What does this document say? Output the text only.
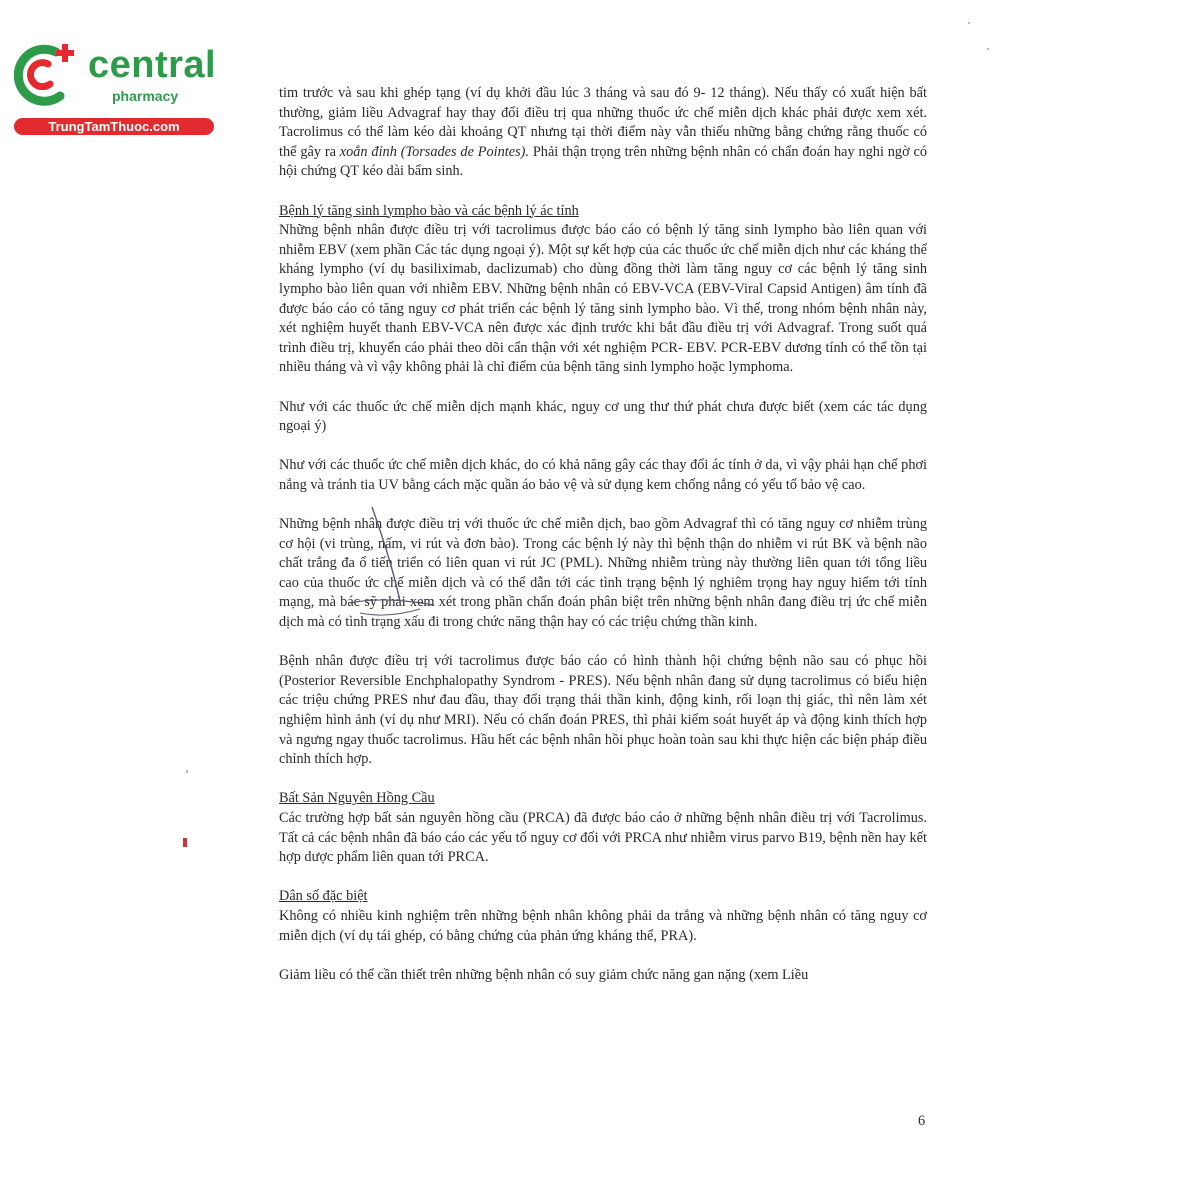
central
pharmacy
TrungTamThuoc.com

tim trước và sau khi ghép tạng (ví dụ khởi đầu lúc 3 tháng và sau đó 9- 12 tháng). Nếu thấy có xuất hiện bất thường, giảm liều Advagraf hay thay đổi điều trị qua những thuốc ức chế miễn dịch khác phải được xem xét. Tacrolimus có thể làm kéo dài khoảng QT nhưng tại thời điểm này vẫn thiếu những bằng chứng rằng thuốc có thể gây ra xoắn đỉnh (Torsades de Pointes). Phải thận trọng trên những bệnh nhân có chẩn đoán hay nghi ngờ có hội chứng QT kéo dài bẩm sinh.

Bệnh lý tăng sinh lympho bào và các bệnh lý ác tính

Những bệnh nhân được điều trị với tacrolimus được báo cáo có bệnh lý tăng sinh lympho bào liên quan với nhiễm EBV (xem phần Các tác dụng ngoại ý). Một sự kết hợp của các thuốc ức chế miễn dịch như các kháng thể kháng lympho (ví dụ basiliximab, daclizumab) cho dùng đồng thời làm tăng nguy cơ các bệnh lý tăng sinh lympho bào liên quan với nhiễm EBV. Những bệnh nhân có EBV-VCA (EBV-Viral Capsid Antigen) âm tính đã được báo cáo có tăng nguy cơ phát triển các bệnh lý tăng sinh lympho bào. Vì thế, trong nhóm bệnh nhân này, xét nghiệm huyết thanh EBV-VCA nên được xác định trước khi bắt đầu điều trị với Advagraf. Trong suốt quá trình điều trị, khuyến cáo phải theo dõi cẩn thận với xét nghiệm PCR- EBV. PCR-EBV dương tính có thể tồn tại nhiều tháng và vì vậy không phải là chỉ điểm của bệnh tăng sinh lympho hoặc lymphoma.

Như với các thuốc ức chế miễn dịch mạnh khác, nguy cơ ung thư thứ phát chưa được biết (xem các tác dụng ngoại ý)

Như với các thuốc ức chế miễn dịch khác, do có khả năng gây các thay đổi ác tính ở da, vì vậy phải hạn chế phơi nắng và tránh tia UV bằng cách mặc quần áo bảo vệ và sử dụng kem chống nắng có yếu tố bảo vệ cao.

Những bệnh nhân được điều trị với thuốc ức chế miễn dịch, bao gồm Advagraf thì có tăng nguy cơ nhiễm trùng cơ hội (vi trùng, nấm, vi rút và đơn bào). Trong các bệnh lý này thì bệnh thận do nhiễm vi rút BK và bệnh não chất trắng đa ổ tiến triển có liên quan vi rút JC (PML). Những nhiễm trùng này thường liên quan tới tổng liều cao của thuốc ức chế miễn dịch và có thể dẫn tới các tình trạng bệnh lý nghiêm trọng hay nguy hiểm tới tính mạng, mà bác sỹ phải xem xét trong phần chẩn đoán phân biệt trên những bệnh nhân đang điều trị ức chế miễn dịch mà có tình trạng xấu đi trong chức năng thận hay có các triệu chứng thần kinh.

Bệnh nhân được điều trị với tacrolimus được báo cáo có hình thành hội chứng bệnh não sau có phục hồi (Posterior Reversible Enchphalopathy Syndrom - PRES). Nếu bệnh nhân đang sử dụng tacrolimus có biểu hiện các triệu chứng PRES như đau đầu, thay đổi trạng thái thần kinh, động kinh, rối loạn thị giác, thì nên làm xét nghiệm hình ảnh (ví dụ như MRI). Nếu có chẩn đoán PRES, thì phải kiểm soát huyết áp và động kinh thích hợp và ngưng ngay thuốc tacrolimus. Hầu hết các bệnh nhân hồi phục hoàn toàn sau khi thực hiện các biện pháp điều chỉnh thích hợp.

Bất Sản Nguyên Hồng Cầu

Các trường hợp bất sản nguyên hồng cầu (PRCA) đã được báo cáo ở những bệnh nhân điều trị với Tacrolimus. Tất cả các bệnh nhân đã báo cáo các yếu tố nguy cơ đối với PRCA như nhiễm virus parvo B19, bệnh nền hay kết hợp dược phẩm liên quan tới PRCA.

Dân số đặc biệt

Không có nhiều kinh nghiệm trên những bệnh nhân không phải da trắng và những bệnh nhân có tăng nguy cơ miễn dịch (ví dụ tái ghép, có bằng chứng của phản ứng kháng thể, PRA).

Giảm liều có thể cần thiết trên những bệnh nhân có suy giảm chức năng gan nặng (xem Liều

6
